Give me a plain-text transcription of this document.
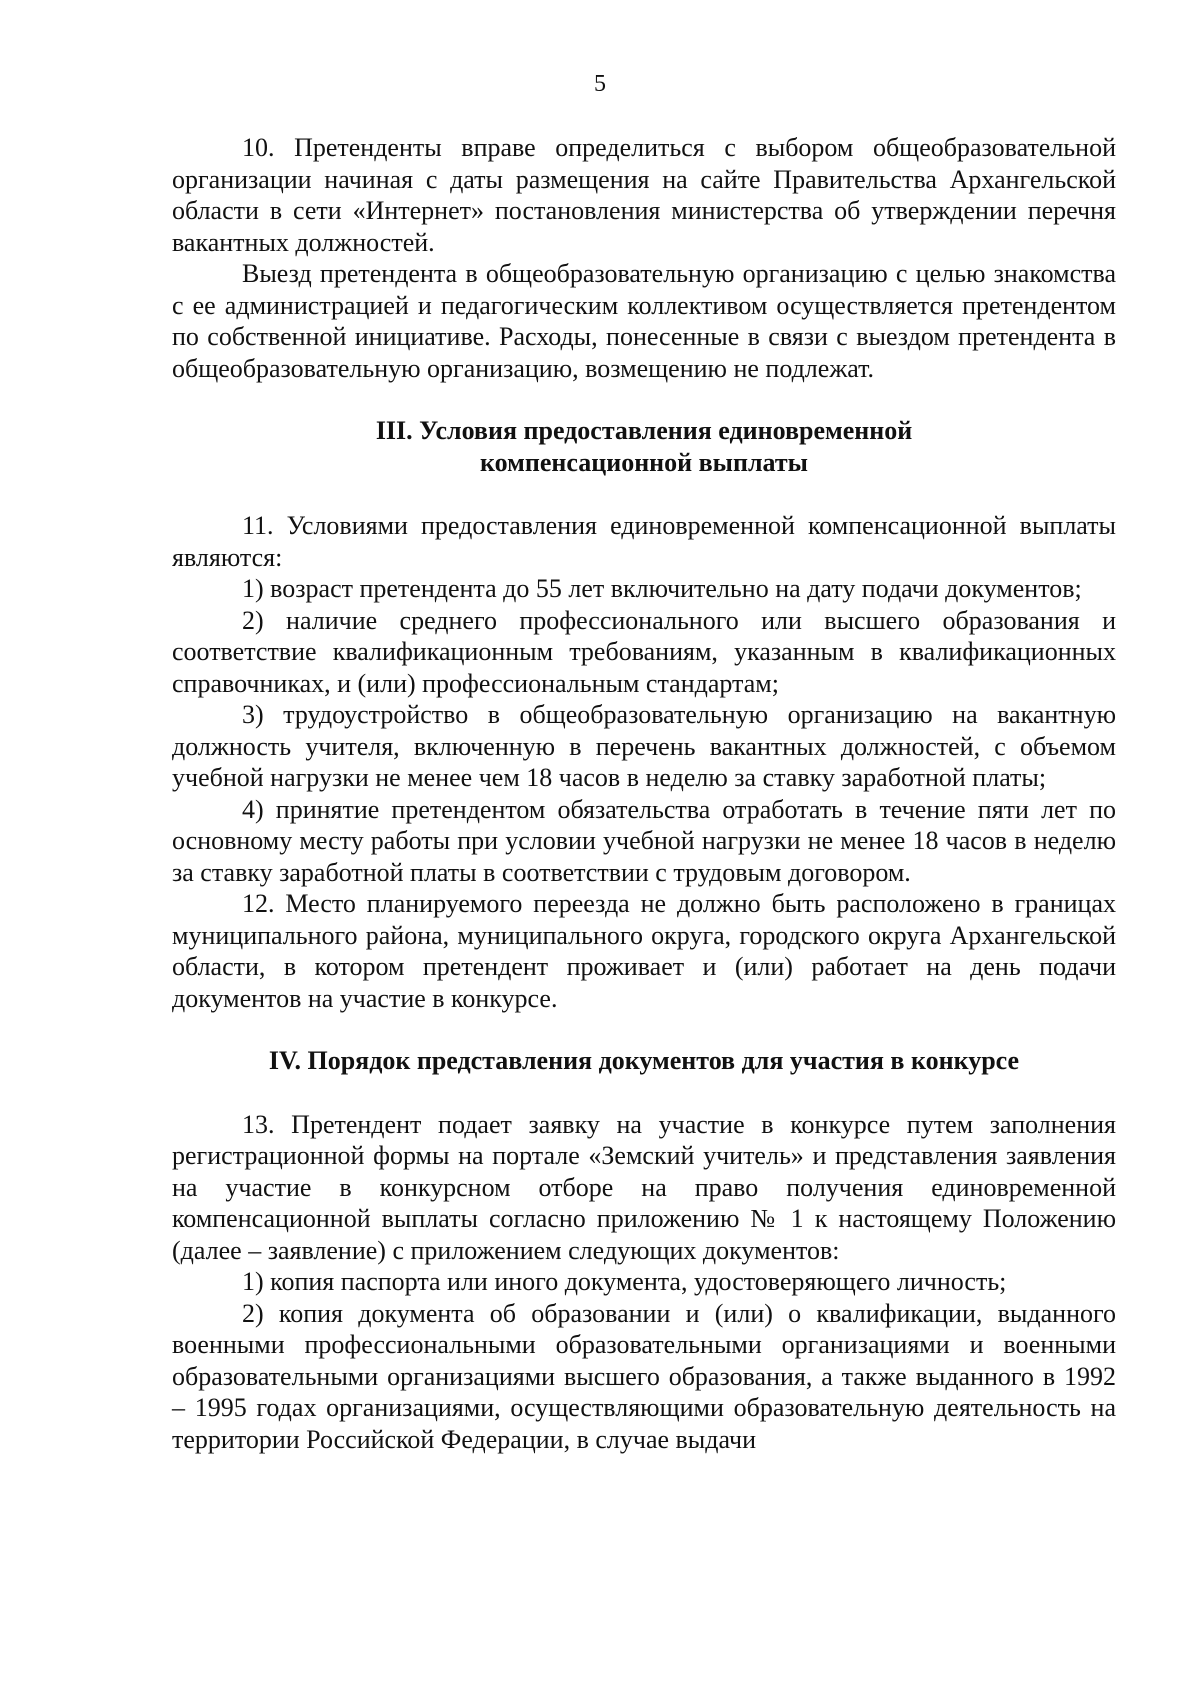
5

10. Претенденты вправе определиться с выбором общеобразовательной организации начиная с даты размещения на сайте Правительства Архангельской области в сети «Интернет» постановления министерства об утверждении перечня вакантных должностей.

Выезд претендента в общеобразовательную организацию с целью знакомства с ее администрацией и педагогическим коллективом осуществляется претендентом по собственной инициативе. Расходы, понесенные в связи с выездом претендента в общеобразовательную организацию, возмещению не подлежат.

III. Условия предоставления единовременной
компенсационной выплаты

11. Условиями предоставления единовременной компенсационной выплаты являются:

1) возраст претендента до 55 лет включительно на дату подачи документов;

2) наличие среднего профессионального или высшего образования и соответствие квалификационным требованиям, указанным в квалификационных справочниках, и (или) профессиональным стандартам;

3) трудоустройство в общеобразовательную организацию на вакантную должность учителя, включенную в перечень вакантных должностей, с объемом учебной нагрузки не менее чем 18 часов в неделю за ставку заработной платы;

4) принятие претендентом обязательства отработать в течение пяти лет по основному месту работы при условии учебной нагрузки не менее 18 часов в неделю за ставку заработной платы в соответствии с трудовым договором.

12. Место планируемого переезда не должно быть расположено в границах муниципального района, муниципального округа, городского округа Архангельской области, в котором претендент проживает и (или) работает на день подачи документов на участие в конкурсе.

IV. Порядок представления документов для участия в конкурсе

13. Претендент подает заявку на участие в конкурсе путем заполнения регистрационной формы на портале «Земский учитель» и представления заявления на участие в конкурсном отборе на право получения единовременной компенсационной выплаты согласно приложению № 1 к настоящему Положению (далее – заявление) с приложением следующих документов:

1) копия паспорта или иного документа, удостоверяющего личность;

2) копия документа об образовании и (или) о квалификации, выданного военными профессиональными образовательными организациями и военными образовательными организациями высшего образования, а также выданного в 1992 – 1995 годах организациями, осуществляющими образовательную деятельность на территории Российской Федерации, в случае выдачи
